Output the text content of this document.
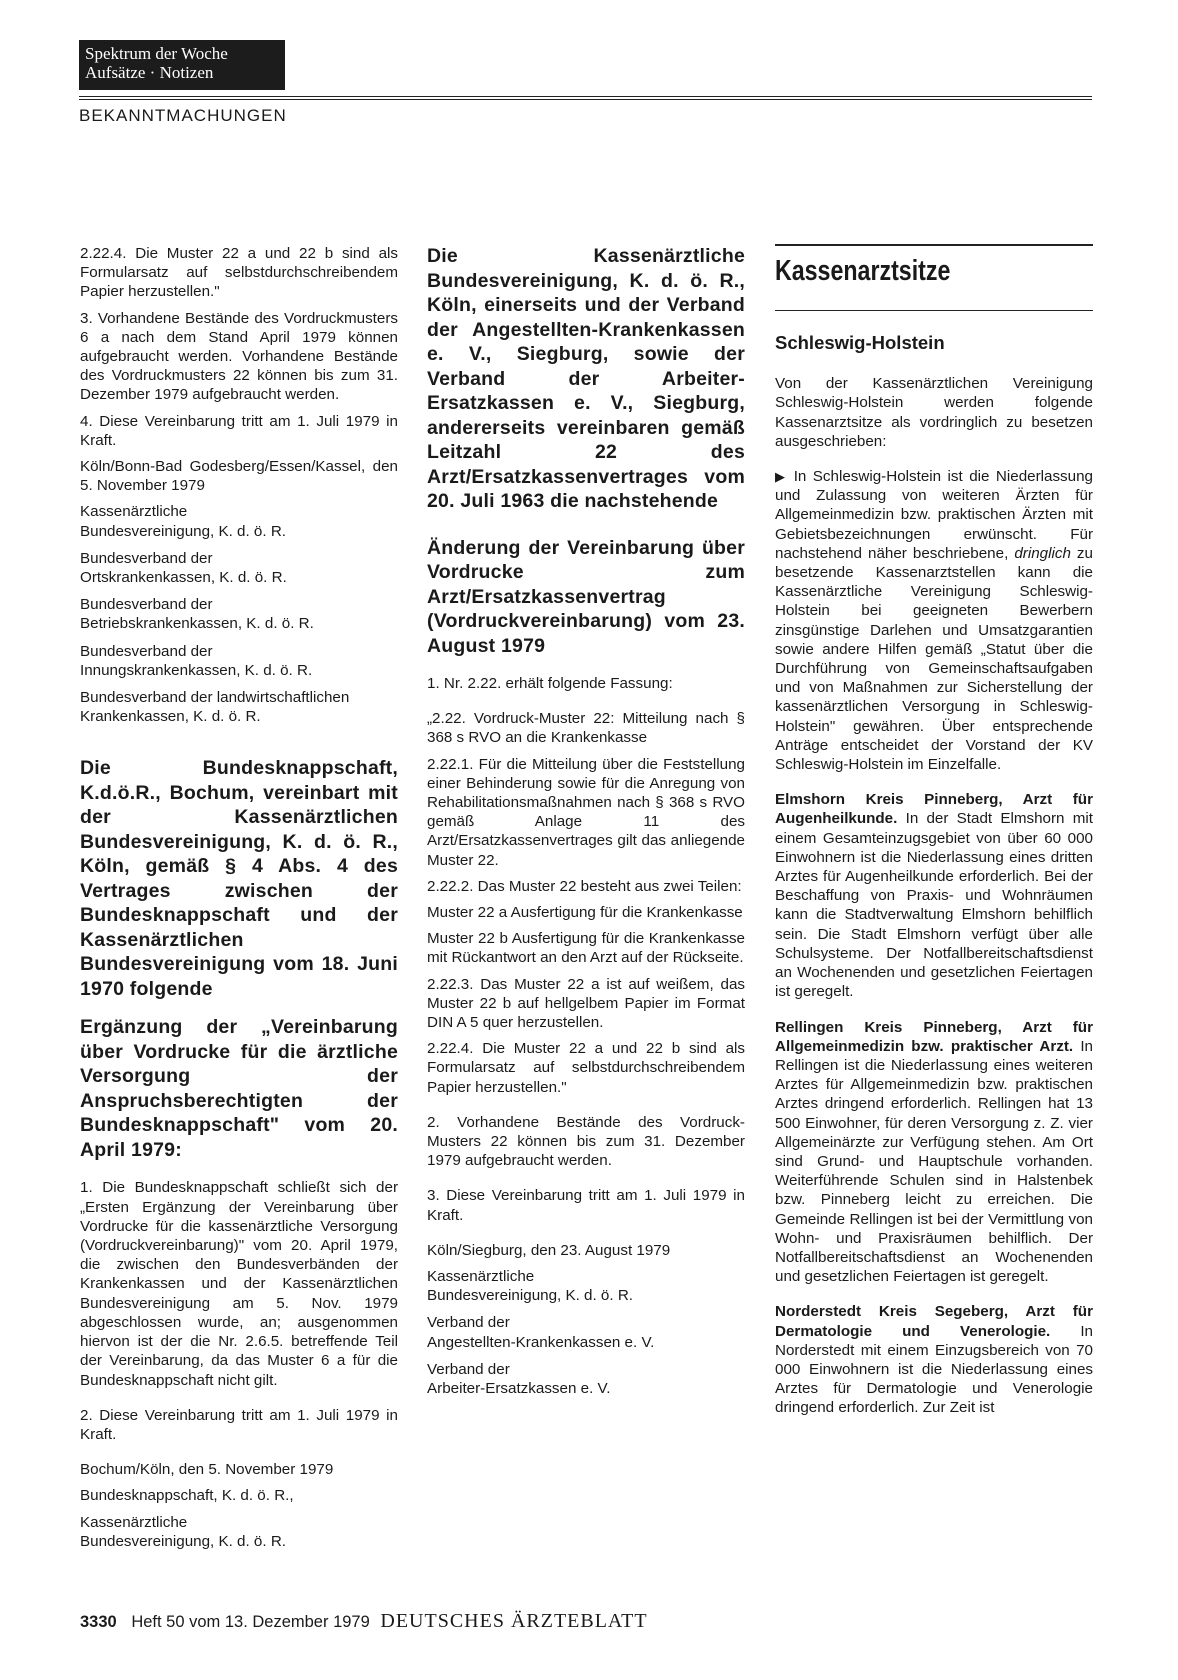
Spektrum der Woche
Aufsätze · Notizen
BEKANNTMACHUNGEN

2.22.4. Die Muster 22 a und 22 b sind als Formularsatz auf selbstdurchschreibendem Papier herzustellen."

3. Vorhandene Bestände des Vordruckmusters 6 a nach dem Stand April 1979 können aufgebraucht werden. Vorhandene Bestände des Vordruckmusters 22 können bis zum 31. Dezember 1979 aufgebraucht werden.

4. Diese Vereinbarung tritt am 1. Juli 1979 in Kraft.

Köln/Bonn-Bad Godesberg/Essen/Kassel, den 5. November 1979

Kassenärztliche
Bundesvereinigung, K. d. ö. R.
Bundesverband der
Ortskrankenkassen, K. d. ö. R.
Bundesverband der
Betriebskrankenkassen, K. d. ö. R.
Bundesverband der
Innungskrankenkassen, K. d. ö. R.
Bundesverband der landwirtschaftlichen
Krankenkassen, K. d. ö. R.
Die Bundesknappschaft, K.d.ö.R., Bochum, vereinbart mit der Kassenärztlichen Bundesvereinigung, K. d. ö. R., Köln, gemäß § 4 Abs. 4 des Vertrages zwischen der Bundesknappschaft und der Kassenärztlichen Bundesvereinigung vom 18. Juni 1970 folgende
Ergänzung der „Vereinbarung über Vordrucke für die ärztliche Versorgung der Anspruchsberechtigten der Bundesknappschaft" vom 20. April 1979:

1. Die Bundesknappschaft schließt sich der „Ersten Ergänzung der Vereinbarung über Vordrucke für die kassenärztliche Versorgung (Vordruckvereinbarung)" vom 20. April 1979, die zwischen den Bundesverbänden der Krankenkassen und der Kassenärztlichen Bundesvereinigung am 5. Nov. 1979 abgeschlossen wurde, an; ausgenommen hiervon ist der die Nr. 2.6.5. betreffende Teil der Vereinbarung, da das Muster 6 a für die Bundesknappschaft nicht gilt.

2. Diese Vereinbarung tritt am 1. Juli 1979 in Kraft.

Bochum/Köln, den 5. November 1979

Bundesknappschaft, K. d. ö. R.,

Kassenärztliche
Bundesvereinigung, K. d. ö. R.
Die Kassenärztliche Bundesvereinigung, K. d. ö. R., Köln, einerseits und der Verband der Angestellten-Krankenkassen e. V., Siegburg, sowie der Verband der Arbeiter-Ersatzkassen e. V., Siegburg, andererseits vereinbaren gemäß Leitzahl 22 des Arzt/Ersatzkassenvertrages vom 20. Juli 1963 die nachstehende
Änderung der Vereinbarung über Vordrucke zum Arzt/Ersatzkassenvertrag (Vordruckvereinbarung) vom 23. August 1979

1. Nr. 2.22. erhält folgende Fassung:

„2.22. Vordruck-Muster 22: Mitteilung nach § 368 s RVO an die Krankenkasse

2.22.1. Für die Mitteilung über die Feststellung einer Behinderung sowie für die Anregung von Rehabilitationsmaßnahmen nach § 368 s RVO gemäß Anlage 11 des Arzt/Ersatzkassenvertrages gilt das anliegende Muster 22.

2.22.2. Das Muster 22 besteht aus zwei Teilen:

Muster 22 a Ausfertigung für die Krankenkasse

Muster 22 b Ausfertigung für die Krankenkasse mit Rückantwort an den Arzt auf der Rückseite.

2.22.3. Das Muster 22 a ist auf weißem, das Muster 22 b auf hellgelbem Papier im Format DIN A 5 quer herzustellen.

2.22.4. Die Muster 22 a und 22 b sind als Formularsatz auf selbstdurchschreibendem Papier herzustellen."

2. Vorhandene Bestände des Vordruck-Musters 22 können bis zum 31. Dezember 1979 aufgebraucht werden.

3. Diese Vereinbarung tritt am 1. Juli 1979 in Kraft.

Köln/Siegburg, den 23. August 1979

Kassenärztliche
Bundesvereinigung, K. d. ö. R.
Verband der
Angestellten-Krankenkassen e. V.
Verband der
Arbeiter-Ersatzkassen e. V.
Kassenarztsitze
Schleswig-Holstein

Von der Kassenärztlichen Vereinigung Schleswig-Holstein werden folgende Kassenarztsitze als vordringlich zu besetzen ausgeschrieben:

▶ In Schleswig-Holstein ist die Niederlassung und Zulassung von weiteren Ärzten für Allgemeinmedizin bzw. praktischen Ärzten mit Gebietsbezeichnungen erwünscht. Für nachstehend näher beschriebene, dringlich zu besetzende Kassenarztstellen kann die Kassenärztliche Vereinigung Schleswig-Holstein bei geeigneten Bewerbern zinsgünstige Darlehen und Umsatzgarantien sowie andere Hilfen gemäß „Statut über die Durchführung von Gemeinschaftsaufgaben und von Maßnahmen zur Sicherstellung der kassenärztlichen Versorgung in Schleswig-Holstein" gewähren. Über entsprechende Anträge entscheidet der Vorstand der KV Schleswig-Holstein im Einzelfalle.

Elmshorn Kreis Pinneberg, Arzt für Augenheilkunde. In der Stadt Elmshorn mit einem Gesamteinzugsgebiet von über 60 000 Einwohnern ist die Niederlassung eines dritten Arztes für Augenheilkunde erforderlich. Bei der Beschaffung von Praxis- und Wohnräumen kann die Stadtverwaltung Elmshorn behilflich sein. Die Stadt Elmshorn verfügt über alle Schulsysteme. Der Notfallbereitschaftsdienst an Wochenenden und gesetzlichen Feiertagen ist geregelt.

Rellingen Kreis Pinneberg, Arzt für Allgemeinmedizin bzw. praktischer Arzt. In Rellingen ist die Niederlassung eines weiteren Arztes für Allgemeinmedizin bzw. praktischen Arztes dringend erforderlich. Rellingen hat 13 500 Einwohner, für deren Versorgung z. Z. vier Allgemeinärzte zur Verfügung stehen. Am Ort sind Grund- und Hauptschule vorhanden. Weiterführende Schulen sind in Halstenbek bzw. Pinneberg leicht zu erreichen. Die Gemeinde Rellingen ist bei der Vermittlung von Wohn- und Praxisräumen behilflich. Der Notfallbereitschaftsdienst an Wochenenden und gesetzlichen Feiertagen ist geregelt.

Norderstedt Kreis Segeberg, Arzt für Dermatologie und Venerologie. In Norderstedt mit einem Einzugsbereich von 70 000 Einwohnern ist die Niederlassung eines Arztes für Dermatologie und Venerologie dringend erforderlich. Zur Zeit ist

3330 Heft 50 vom 13. Dezember 1979 DEUTSCHES ÄRZTEBLATT
